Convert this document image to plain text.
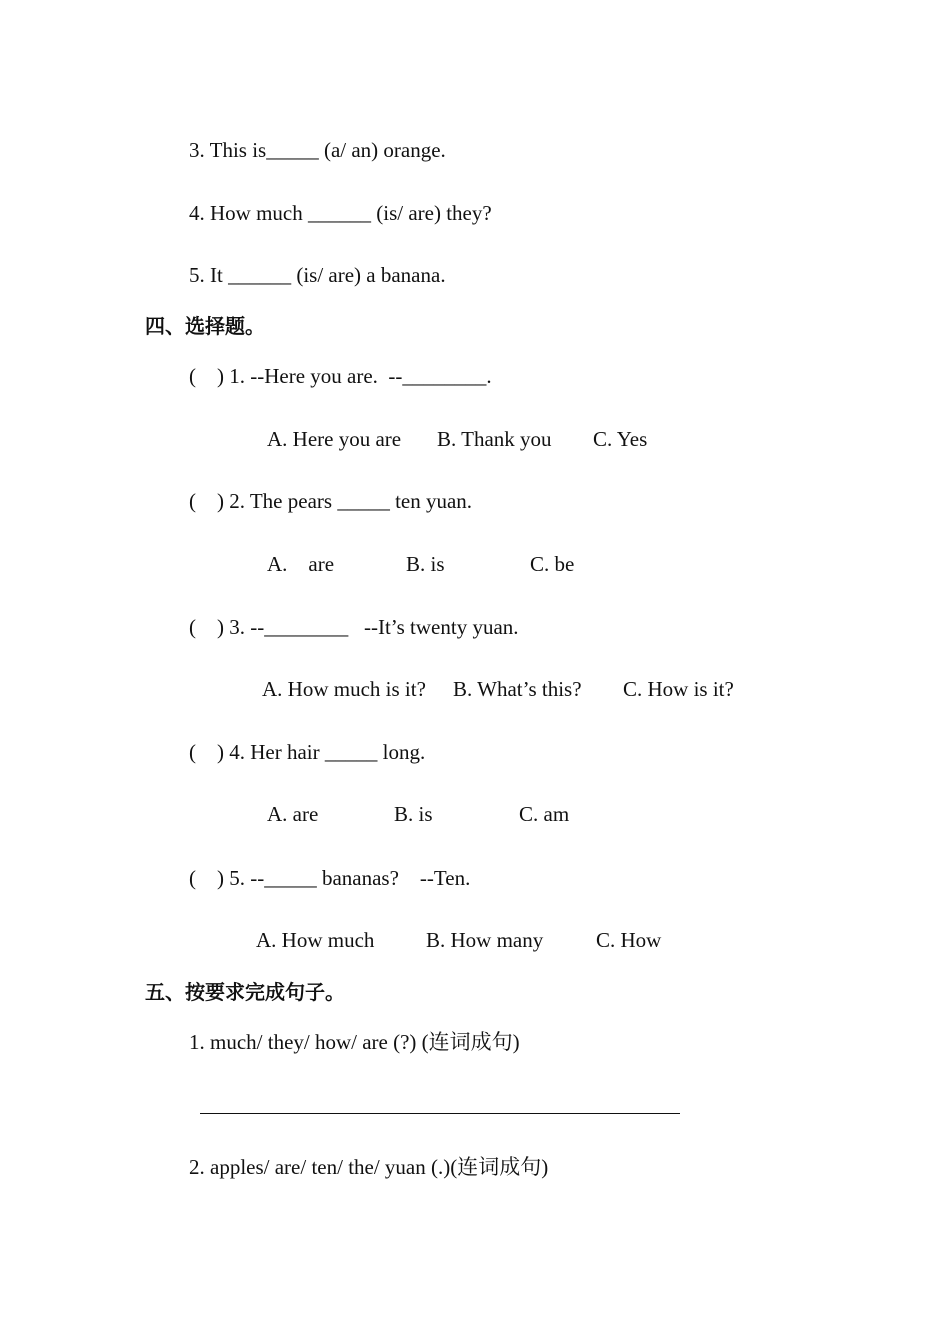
3. This is_____ (a/ an) orange.
4. How much ______ (is/ are) they?
5. It ______ (is/ are) a banana.
四、选择题。
(    ) 1. --Here you are.  --________.
A. Here you are B. Thank you C. Yes
(    ) 2. The pears _____ ten yuan.
A.    are	B. is	C. be
(    ) 3. --________   --It’s twenty yuan.
A. How much is it? B. What’s this? C. How is it?
(    ) 4. Her hair _____ long.
A. are	B. is	C. am
(    ) 5. --_____ bananas?    --Ten.
A. How much B. How many	C. How
五、按要求完成句子。
1. much/ they/ how/ are (?) (连词成句)
2. apples/ are/ ten/ the/ yuan (.)(连词成句)
